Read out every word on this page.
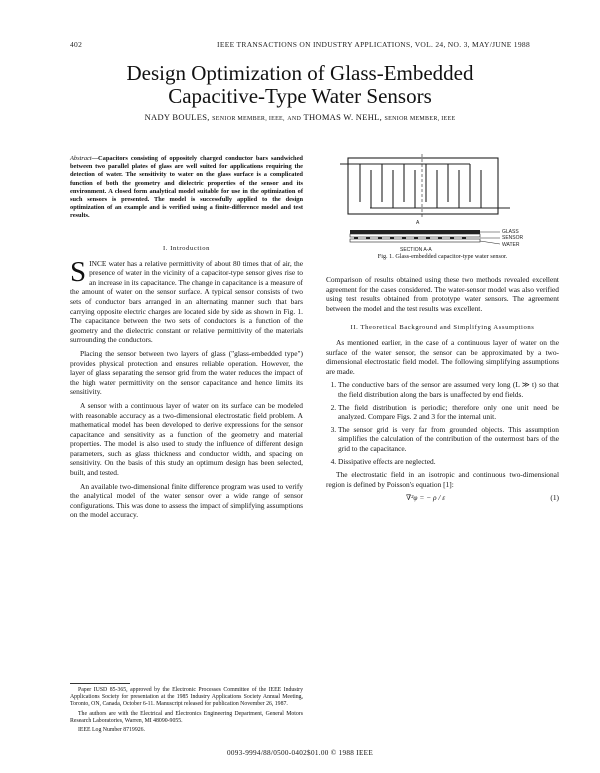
402	IEEE TRANSACTIONS ON INDUSTRY APPLICATIONS, VOL. 24, NO. 3, MAY/JUNE 1988
Design Optimization of Glass-Embedded
Capacitive-Type Water Sensors
NADY BOULES, SENIOR MEMBER, IEEE, AND THOMAS W. NEHL, SENIOR MEMBER, IEEE
Abstract—Capacitors consisting of oppositely charged conductor bars sandwiched between two parallel plates of glass are well suited for applications requiring the detection of water. The sensitivity to water on the glass surface is a complicated function of both the geometry and dielectric properties of the sensor and its environment. A closed form analytical model suitable for use in the optimization of such sensors is presented. The model is successfully applied to the design optimization of an example and is verified using a finite-difference model and test results.
I. Introduction

SINCE water has a relative permittivity of about 80 times that of air, the presence of water in the vicinity of a capacitor-type sensor gives rise to an increase in its capacitance. The change in capacitance is a measure of the amount of water on the sensor surface. A typical sensor consists of two sets of conductor bars arranged in an alternating manner such that bars carrying opposite electric charges are located side by side as shown in Fig. 1. The capacitance between the two sets of conductors is a function of the geometry and the dielectric constant or relative permittivity of the materials surrounding the conductors.

Placing the sensor between two layers of glass ("glass-embedded type") provides physical protection and ensures reliable operation. However, the layer of glass separating the sensor grid from the water reduces the impact of the high water permittivity on the sensor capacitance and hence limits its sensitivity.

A sensor with a continuous layer of water on its surface can be modeled with reasonable accuracy as a two-dimensional electrostatic field problem. A mathematical model has been developed to derive expressions for the sensor capacitance and sensitivity as a function of the geometry and material properties. The model is also used to study the influence of different design parameters, such as glass thickness and conductor width, and spacing on sensitivity. On the basis of this study an optimum design has been selected, built, and tested.

An available two-dimensional finite difference program was used to verify the analytical model of the water sensor over a wide range of sensor configurations. This was done to assess the impact of simplifying assumptions on the model accuracy.

Paper IUSD 85-365, approved by the Electronic Processes Committee of the IEEE Industry Applications Society for presentation at the 1985 Industry Applications Society Annual Meeting, Toronto, ON, Canada, October 6-11. Manuscript released for publication November 26, 1987.

The authors are with the Electrical and Electronics Engineering Department, General Motors Research Laboratories, Warren, MI 48090-9055.

IEEE Log Number 8719926.

A
GLASS
SENSOR
WATER
SECTION A-A
Fig. 1. Glass-embedded capacitor-type water sensor.

Comparison of results obtained using these two methods revealed excellent agreement for the cases considered. The water-sensor model was also verified using test results obtained from prototype water sensors. The agreement between the model and the test results was excellent.

II. Theoretical Background and Simplifying Assumptions

As mentioned earlier, in the case of a continuous layer of water on the surface of the water sensor, the sensor can be approximated by a two-dimensional electrostatic field model. The following simplifying assumptions are made.

1. The conductive bars of the sensor are assumed very long (L ≫ t) so that the field distribution along the bars is unaffected by end fields.
2. The field distribution is periodic; therefore only one unit need be analyzed. Compare Figs. 2 and 3 for the internal unit.
3. The sensor grid is very far from grounded objects. This assumption simplifies the calculation of the contribution of the outermost bars of the grid to the capacitance.
4. Dissipative effects are neglected.

The electrostatic field in an isotropic and continuous two-dimensional region is defined by Poisson's equation [1]:

∇²φ = − ρ / ε	(1)
0093-9994/88/0500-0402$01.00 © 1988 IEEE
